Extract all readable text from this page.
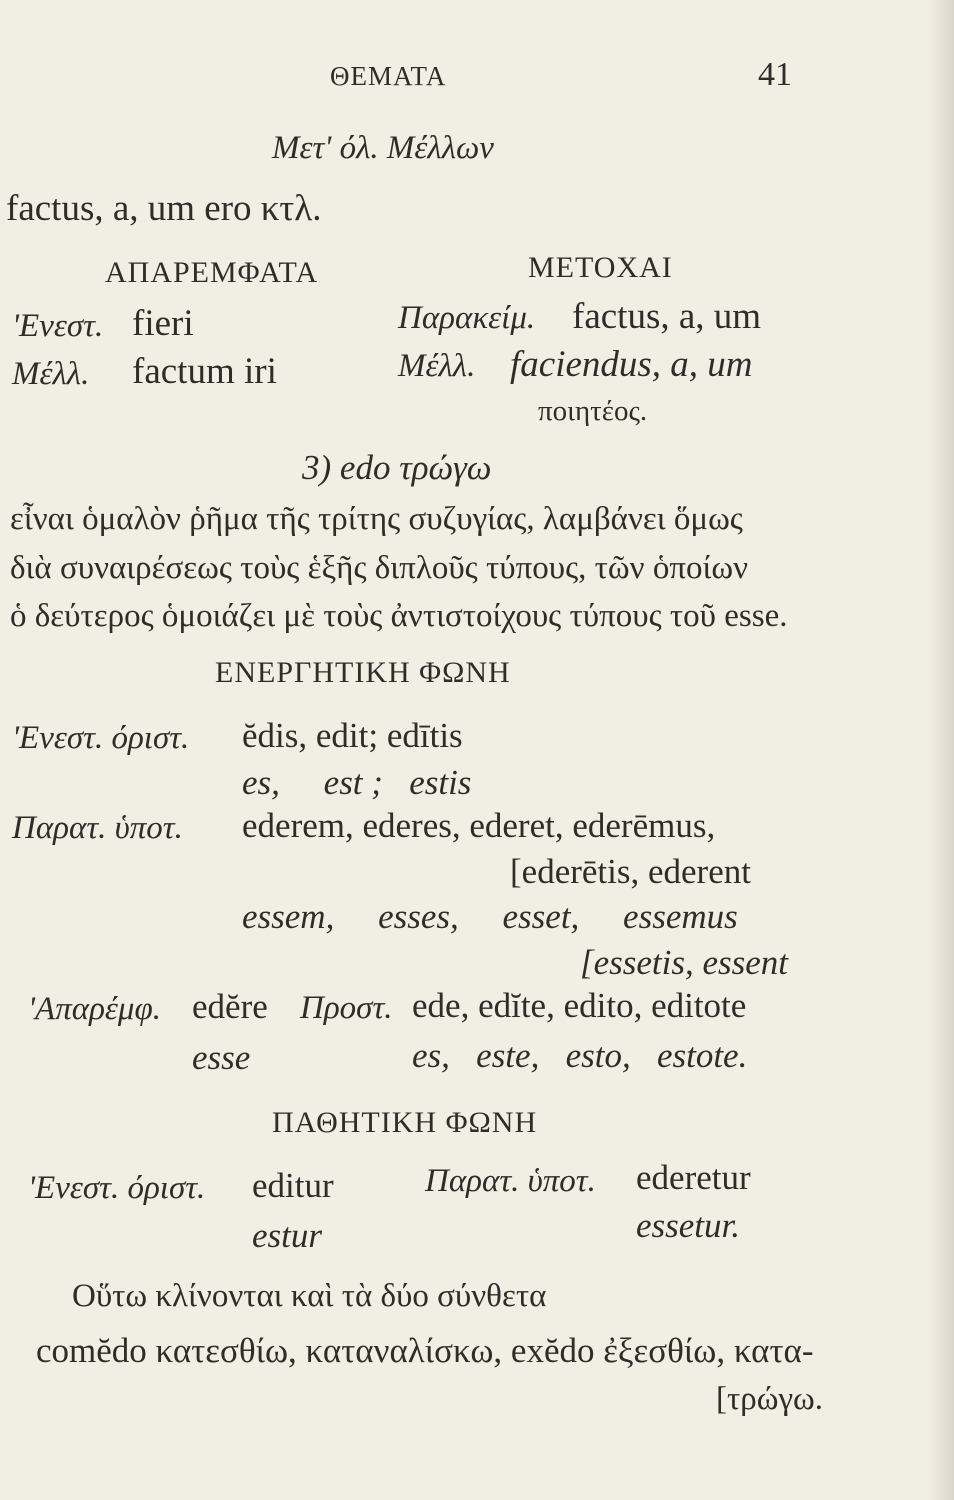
ΘΕΜΑΤΑ	41
Μετ' όλ. Μέλλων
factus, a, um ero κτλ.
ΑΠΑΡΕΜΦΑΤΑ	ΜΕΤΟΧΑΙ
'Ενεστ. fieri	Παρακείμ. factus, a, um
Μέλλ. factum iri	Μέλλ. faciendus, a, um
ποιητέος.
3) edo τρώγω
εἶναι ὁμαλὸν ῥῆμα τῆς τρίτης συζυγίας, λαμβάνει ὅμως
διὰ συναιρέσεως τοὺς ἑξῆς διπλοῦς τύπους, τῶν ὁποίων
ὁ δεύτερος ὁμοιάζει μὲ τοὺς ἀντιστοίχους τύπους τοῦ esse.
ΕΝΕΡΓΗΤΙΚΗ ΦΩΝΗ
'Ενεστ. όριστ. ĕdis, edit; edītis
es,     est ;   estis
Παρατ. ὑποτ. ederem, ederes, ederet, ederēmus,
[ederētis, ederent
essem,     esses,     esset,     essemus
[essetis, essent
'Απαρέμφ. edĕre Προστ. ede, edĭte, edito, editote
esse	es,   este,   esto,   estote.
ΠΑΘΗΤΙΚΗ ΦΩΝΗ
'Ενεστ. όριστ. editur
estur
Παρατ. ὑποτ. ederetur
essetur.
Οὕτω κλίνονται καὶ τὰ δύο σύνθετα
comĕdo κατεσθίω, καταναλίσκω, exĕdo ἐξεσθίω, κατα-
[τρώγω.
